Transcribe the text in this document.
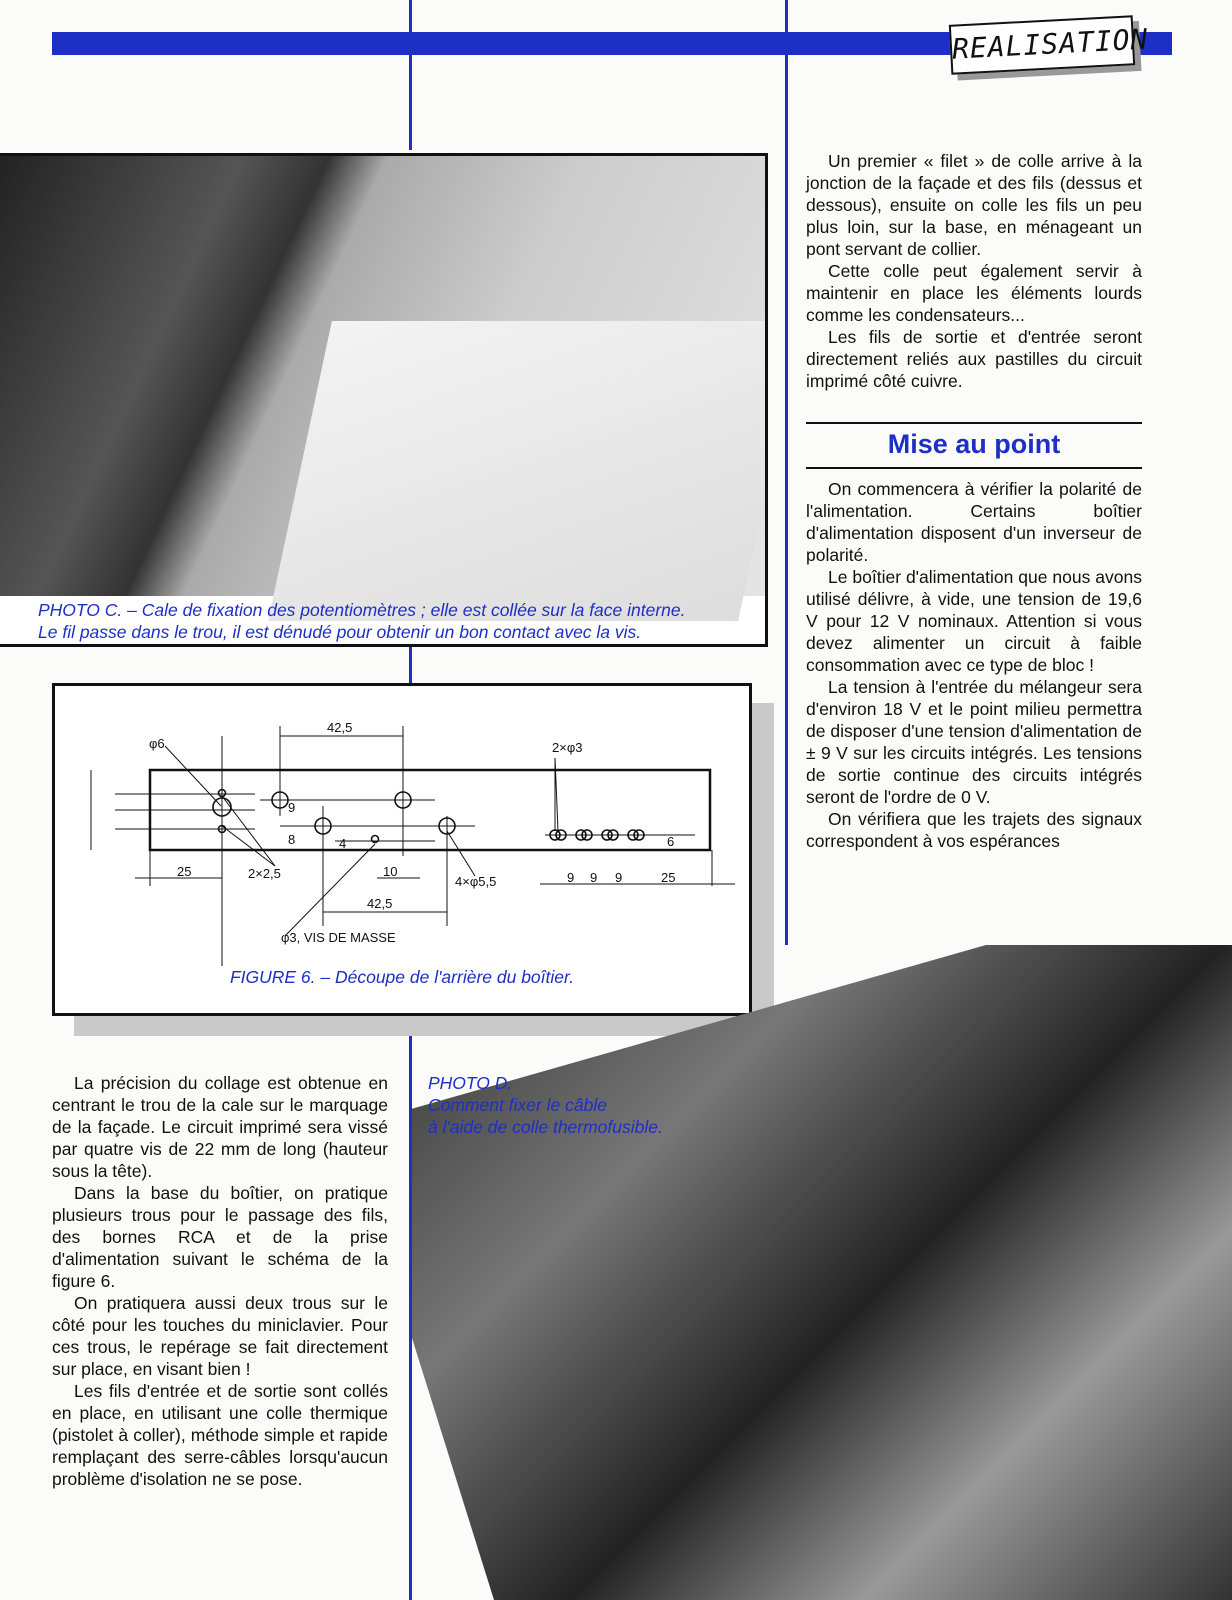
REALISATION
PHOTO C. – Cale de fixation des potentiomètres ; elle est collée sur la face interne.
Le fil passe dans le trou, il est dénudé pour obtenir un bon contact avec la vis.
φ6
42,5
2×φ3
25	2×2,5
9
8	4
10
42,5
4×φ5,5	9 9 9	25
6
φ3, VIS DE MASSE
FIGURE 6. – Découpe de l'arrière du boîtier.

Un premier « filet » de colle arrive à la jonction de la façade et des fils (dessus et dessous), ensuite on colle les fils un peu plus loin, sur la base, en ménageant un pont servant de collier.

Cette colle peut également servir à maintenir en place les éléments lourds comme les condensateurs...

Les fils de sortie et d'entrée seront directement reliés aux pastilles du circuit imprimé côté cuivre.

Mise au point

On commencera à vérifier la polarité de l'alimentation. Certains boîtier d'alimentation disposent d'un inverseur de polarité.

Le boîtier d'alimentation que nous avons utilisé délivre, à vide, une tension de 19,6 V pour 12 V nominaux. Attention si vous devez alimenter un circuit à faible consommation avec ce type de bloc !

La tension à l'entrée du mélangeur sera d'environ 18 V et le point milieu permettra de disposer d'une tension d'alimentation de ± 9 V sur les circuits intégrés. Les tensions de sortie continue des circuits intégrés seront de l'ordre de 0 V.

On vérifiera que les trajets des signaux correspondent à vos espérances

PHOTO D.
Comment fixer le câble
à l'aide de colle thermofusible.

La précision du collage est obtenue en centrant le trou de la cale sur le marquage de la façade. Le circuit imprimé sera vissé par quatre vis de 22 mm de long (hauteur sous la tête).

Dans la base du boîtier, on pratique plusieurs trous pour le passage des fils, des bornes RCA et de la prise d'alimentation suivant le schéma de la figure 6.

On pratiquera aussi deux trous sur le côté pour les touches du miniclavier. Pour ces trous, le repérage se fait directement sur place, en visant bien !

Les fils d'entrée et de sortie sont collés en place, en utilisant une colle thermique (pistolet à coller), méthode simple et rapide remplaçant des serre-câbles lorsqu'aucun problème d'isolation ne se pose.
